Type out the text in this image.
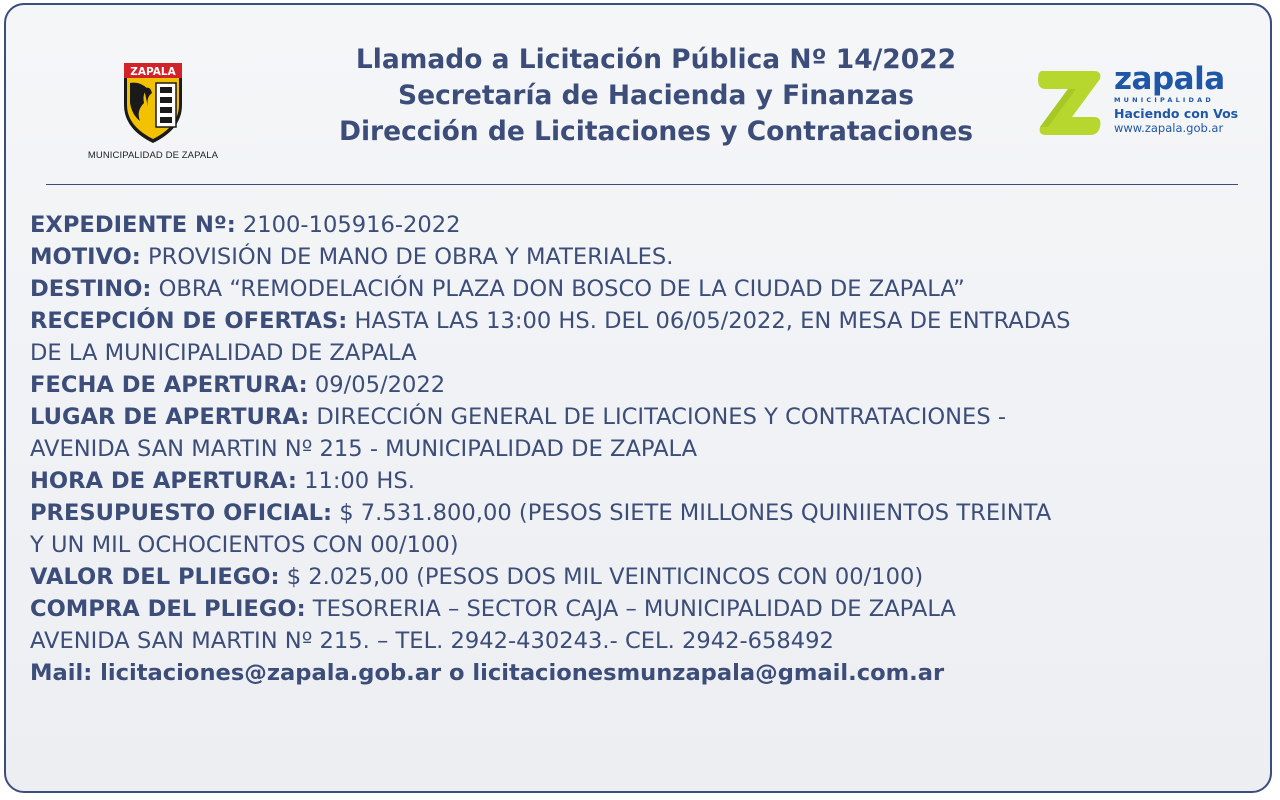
ZAPALA
MUNICIPALIDAD DE ZAPALA
Llamado a Licitación Pública Nº 14/2022
Secretaría de Hacienda y Finanzas
Dirección de Licitaciones y Contrataciones
zapala
MUNICIPALIDAD
Haciendo con Vos
www.zapala.gob.ar
EXPEDIENTE Nº: 2100-105916-2022
MOTIVO: PROVISIÓN DE MANO DE OBRA Y MATERIALES.
DESTINO: OBRA “REMODELACIÓN PLAZA DON BOSCO DE LA CIUDAD DE ZAPALA”
RECEPCIÓN DE OFERTAS: HASTA LAS 13:00 HS. DEL 06/05/2022, EN MESA DE ENTRADAS
DE LA MUNICIPALIDAD DE ZAPALA
FECHA DE APERTURA: 09/05/2022
LUGAR DE APERTURA: DIRECCIÓN GENERAL DE LICITACIONES Y CONTRATACIONES -
AVENIDA SAN MARTIN Nº 215 - MUNICIPALIDAD DE ZAPALA
HORA DE APERTURA: 11:00 HS.
PRESUPUESTO OFICIAL: $ 7.531.800,00 (PESOS SIETE MILLONES QUINIIENTOS TREINTA
Y UN MIL OCHOCIENTOS CON 00/100)
VALOR DEL PLIEGO: $ 2.025,00 (PESOS DOS MIL VEINTICINCOS CON 00/100)
COMPRA DEL PLIEGO: TESORERIA – SECTOR CAJA – MUNICIPALIDAD DE ZAPALA
AVENIDA SAN MARTIN Nº 215. – TEL. 2942-430243.- CEL. 2942-658492
Mail: licitaciones@zapala.gob.ar o licitacionesmunzapala@gmail.com.ar
